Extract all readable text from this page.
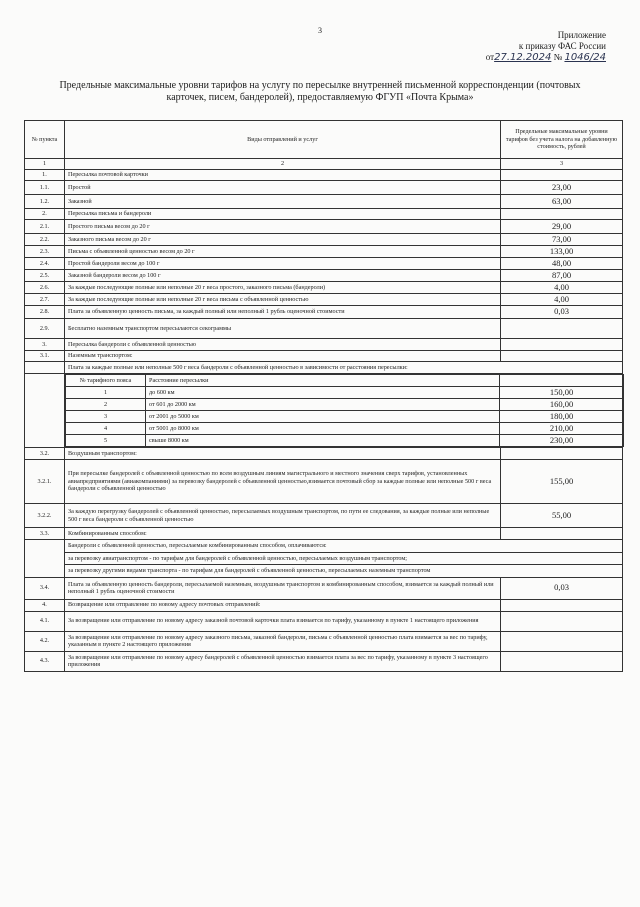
3	Приложение
к приказу ФАС России
от27.12.2024 № 1046/24
Предельные максимальные уровни тарифов на услугу по пересылке внутренней письменной корреспонденции (почтовых карточек, писем, бандеролей), предоставляемую ФГУП «Почта Крыма»
№ пункта	Виды отправлений и услуг	Предельные максимальные уровни тарифов без учета налога на добавленную стоимость, рублей
1	2	3
1.	Пересылка почтовой карточки	
1.1.	Простой	23,00
1.2.	Заказной	63,00
2.	Пересылка письма и бандероли	
2.1.	Простого письма весом до 20 г	29,00
2.2.	Заказного письма весом до 20 г	73,00
2.3.	Письма с объявленной ценностью весом до 20 г	133,00
2.4.	Простой бандероли весом до 100 г	48,00
2.5.	Заказной бандероли весом до 100 г	87,00
2.6.	За каждые последующие полные или неполные 20 г веса простого, заказного письма (бандероли)	4,00
2.7.	За каждые последующие полные или неполные 20 г веса письма с объявленной ценностью	4,00
2.8.	Плата за объявленную ценность письма, за каждый полный или неполный 1 рубль оценочной стоимости	0,03
2.9.	Бесплатно наземным транспортом пересылаются секограммы	
3.	Пересылка бандероли с объявленной ценностью	
3.1.	Наземным транспортом:	
	Плата за каждые полные или неполные 500 г веса бандероли с объявленной ценностью в зависимости от расстояния пересылки:

№ тарифного пояса	Расстояние пересылки	
1	до 600 км	150,00
2	от 601 до 2000 км	160,00
3	от 2001 до 5000 км	180,00
4	от 5001 до 8000 км	210,00
5	свыше 8000 км	230,00

3.2.	Воздушным транспортом:	
3.2.1.	При пересылке бандеролей с объявленной ценностью по всем воздушным линиям магистрального и местного значения сверх тарифов, установленных авиапредприятиями (авиакомпаниями) за перевозку бандеролей с объявленной ценностью,взимается почтовый сбор за каждые полные или неполные 500 г веса бандероли с объявленной ценностью	155,00
3.2.2.	За каждую перегрузку бандеролей с объявленной ценностью, пересылаемых воздушным транспортом, по пути ее следования, за каждые полные или неполные 500 г веса бандероли с объявленной ценностью	55,00
3.3.	Комбинированным способом:	

Бандероли с объявленной ценностью, пересылаемые комбинированным способом, оплачиваются:
за перевозку авиатранспортом - по тарифам для бандеролей с объявленной ценностью, пересылаемых воздушным транспортом;
за перевозку другими видами транспорта - по тарифам для бандеролей с объявленной ценностью, пересылаемых наземным транспортом

3.4.	Плата за объявленную ценность бандероли, пересылаемой наземным, воздушным транспортом и комбинированным способом, взимается за каждый полный или неполный 1 рубль оценочной стоимости	0,03
4.	Возвращение или отправление по новому адресу почтовых отправлений:	
4.1.	За возвращение или отправление по новому адресу заказной почтовой карточки плата взимается по тарифу, указанному в пункте 1 настоящего приложения	
4.2.	За возвращение или отправление по новому адресу заказного письма, заказной бандероли, письма с объявленной ценностью плата взимается за вес по тарифу, указанным в пункте 2 настоящего приложения	
4.3.	За возвращение или отправление по новому адресу бандеролей с объявленной ценностью взимается плата за вес по тарифу, указанному в пункте 3 настоящего приложения	
